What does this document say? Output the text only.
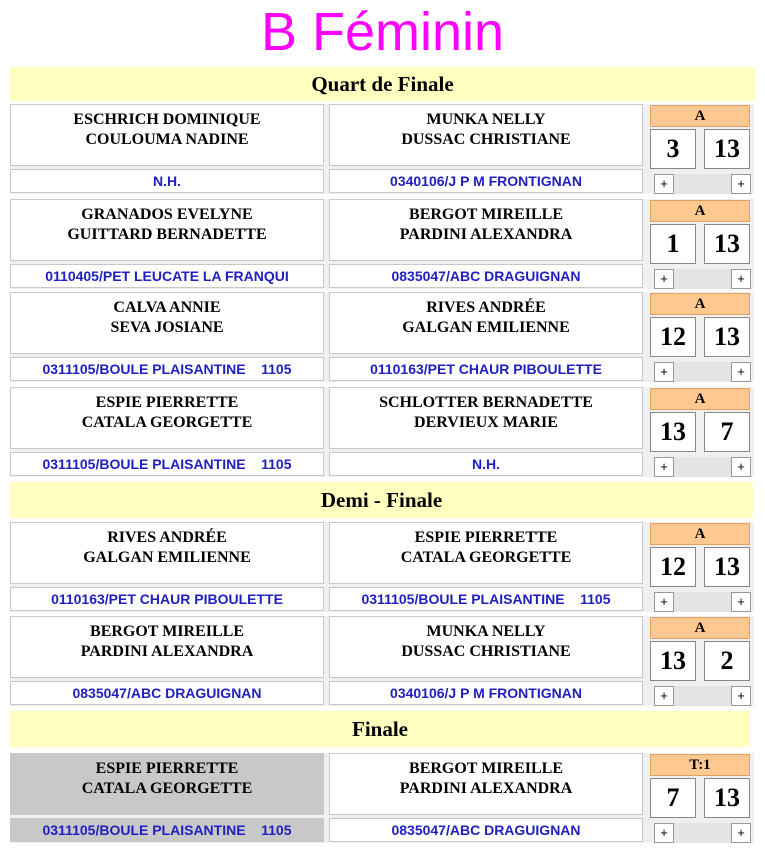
B Féminin
Quart de Finale
ESCHRICH DOMINIQUE
COULOUMA NADINE
MUNKA NELLY
DUSSAC CHRISTIANE
N.H.	0340106/J P M FRONTIGNAN
A
3	13
+	+
GRANADOS EVELYNE
GUITTARD BERNADETTE
BERGOT MIREILLE
PARDINI ALEXANDRA
0110405/PET LEUCATE LA FRANQUI	0835047/ABC DRAGUIGNAN
A
1	13
+	+
CALVA ANNIE
SEVA JOSIANE
RIVES ANDRÉE
GALGAN EMILIENNE
0311105/BOULE PLAISANTINE    1105	0110163/PET CHAUR PIBOULETTE
A
12	13
+	+
ESPIE PIERRETTE
CATALA GEORGETTE
SCHLOTTER BERNADETTE
DERVIEUX MARIE
0311105/BOULE PLAISANTINE    1105	N.H.
A
13	7
+	+
Demi - Finale
RIVES ANDRÉE
GALGAN EMILIENNE
ESPIE PIERRETTE
CATALA GEORGETTE
0110163/PET CHAUR PIBOULETTE	0311105/BOULE PLAISANTINE    1105
A
12	13
+	+
BERGOT MIREILLE
PARDINI ALEXANDRA
MUNKA NELLY
DUSSAC CHRISTIANE
0835047/ABC DRAGUIGNAN	0340106/J P M FRONTIGNAN
A
13	2
+	+
Finale
ESPIE PIERRETTE
CATALA GEORGETTE
BERGOT MIREILLE
PARDINI ALEXANDRA
0311105/BOULE PLAISANTINE    1105	0835047/ABC DRAGUIGNAN
T:1
7	13
+	+
